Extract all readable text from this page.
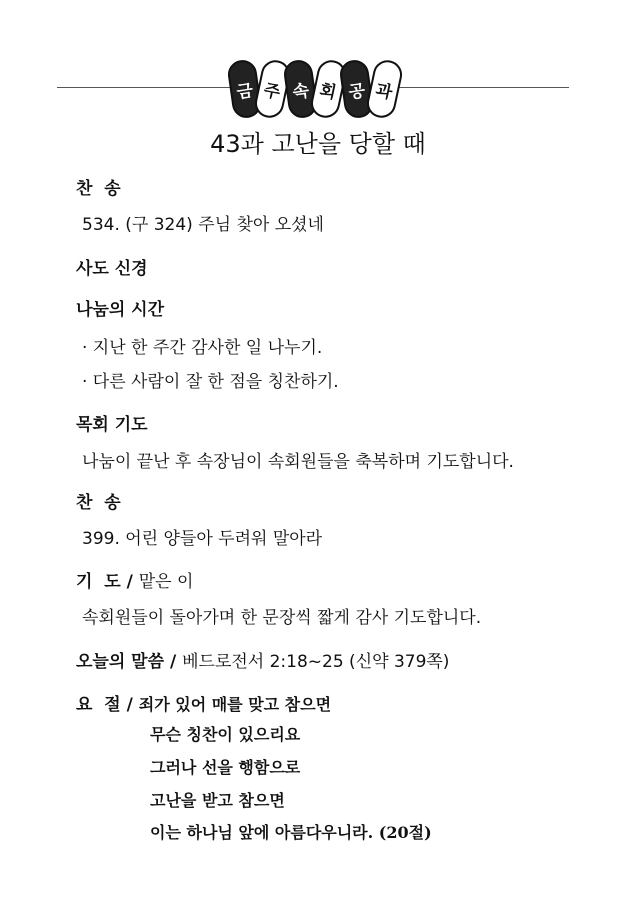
금 주 속 회 공 과
43과 고난을 당할 때
찬  송
534. (구 324) 주님 찾아 오셨네
사도 신경
나눔의 시간
· 지난 한 주간 감사한 일 나누기.
· 다른 사람이 잘 한 점을 칭찬하기.
목회 기도
나눔이 끝난 후 속장님이 속회원들을 축복하며 기도합니다.
찬  송
399. 어린 양들아 두려워 말아라
기  도 / 맡은 이
속회원들이 돌아가며 한 문장씩 짧게 감사 기도합니다.
오늘의 말씀 / 베드로전서 2:18~25 (신약 379쪽)
요  절 / 죄가 있어 매를 맞고 참으면
무슨 칭찬이 있으리요
그러나 선을 행함으로
고난을 받고 참으면
이는 하나님 앞에 아름다우니라. (20절)
